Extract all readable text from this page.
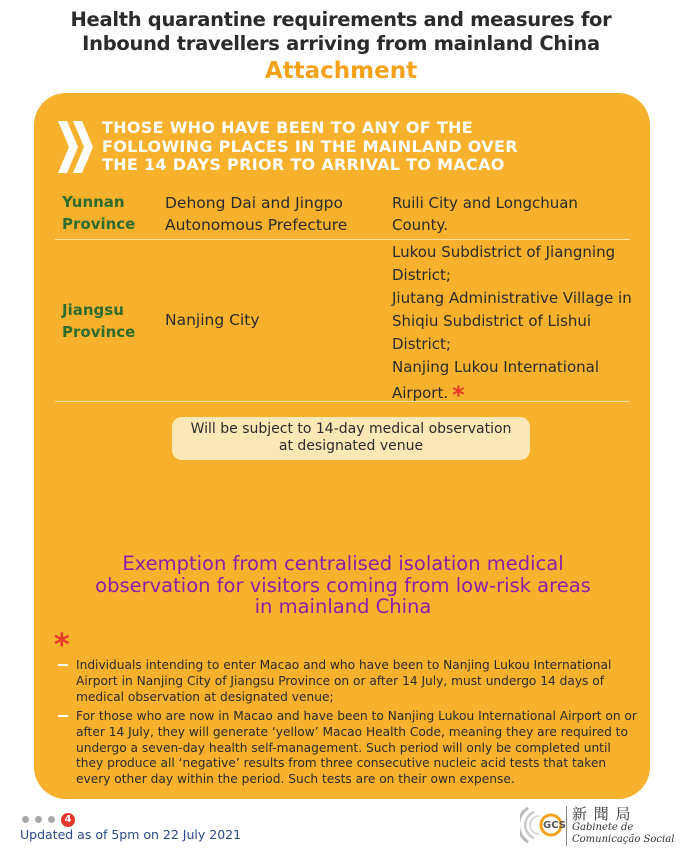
Health quarantine requirements and measures for
Inbound travellers arriving from mainland China
Attachment
THOSE WHO HAVE BEEN TO ANY OF THE
FOLLOWING PLACES IN THE MAINLAND OVER
THE 14 DAYS PRIOR TO ARRIVAL TO MACAO
Yunnan
Province
Dehong Dai and Jingpo
Autonomous Prefecture
Ruili City and Longchuan
County.
Jiangsu
Province
Nanjing City
Lukou Subdistrict of Jiangning
District;
Jiutang Administrative Village in
Shiqiu Subdistrict of Lishui
District;
Nanjing Lukou International
Airport. *
Will be subject to 14-day medical observation
at designated venue
Exemption from centralised isolation medical
observation for visitors coming from low-risk areas
in mainland China
*
Individuals intending to enter Macao and who have been to Nanjing Lukou International Airport in Nanjing City of Jiangsu Province on or after 14 July, must undergo 14 days of medical observation at designated venue;
For those who are now in Macao and have been to Nanjing Lukou International Airport on or after 14 July, they will generate ‘yellow’ Macao Health Code, meaning they are required to undergo a seven-day health self-management. Such period will only be completed until they produce all ‘negative’ results from three consecutive nucleic acid tests that taken every other day within the period. Such tests are on their own expense.
4
Updated as of 5pm on 22 July 2021
GCS
新 聞 局
Gabinete de
Comunicação Social
